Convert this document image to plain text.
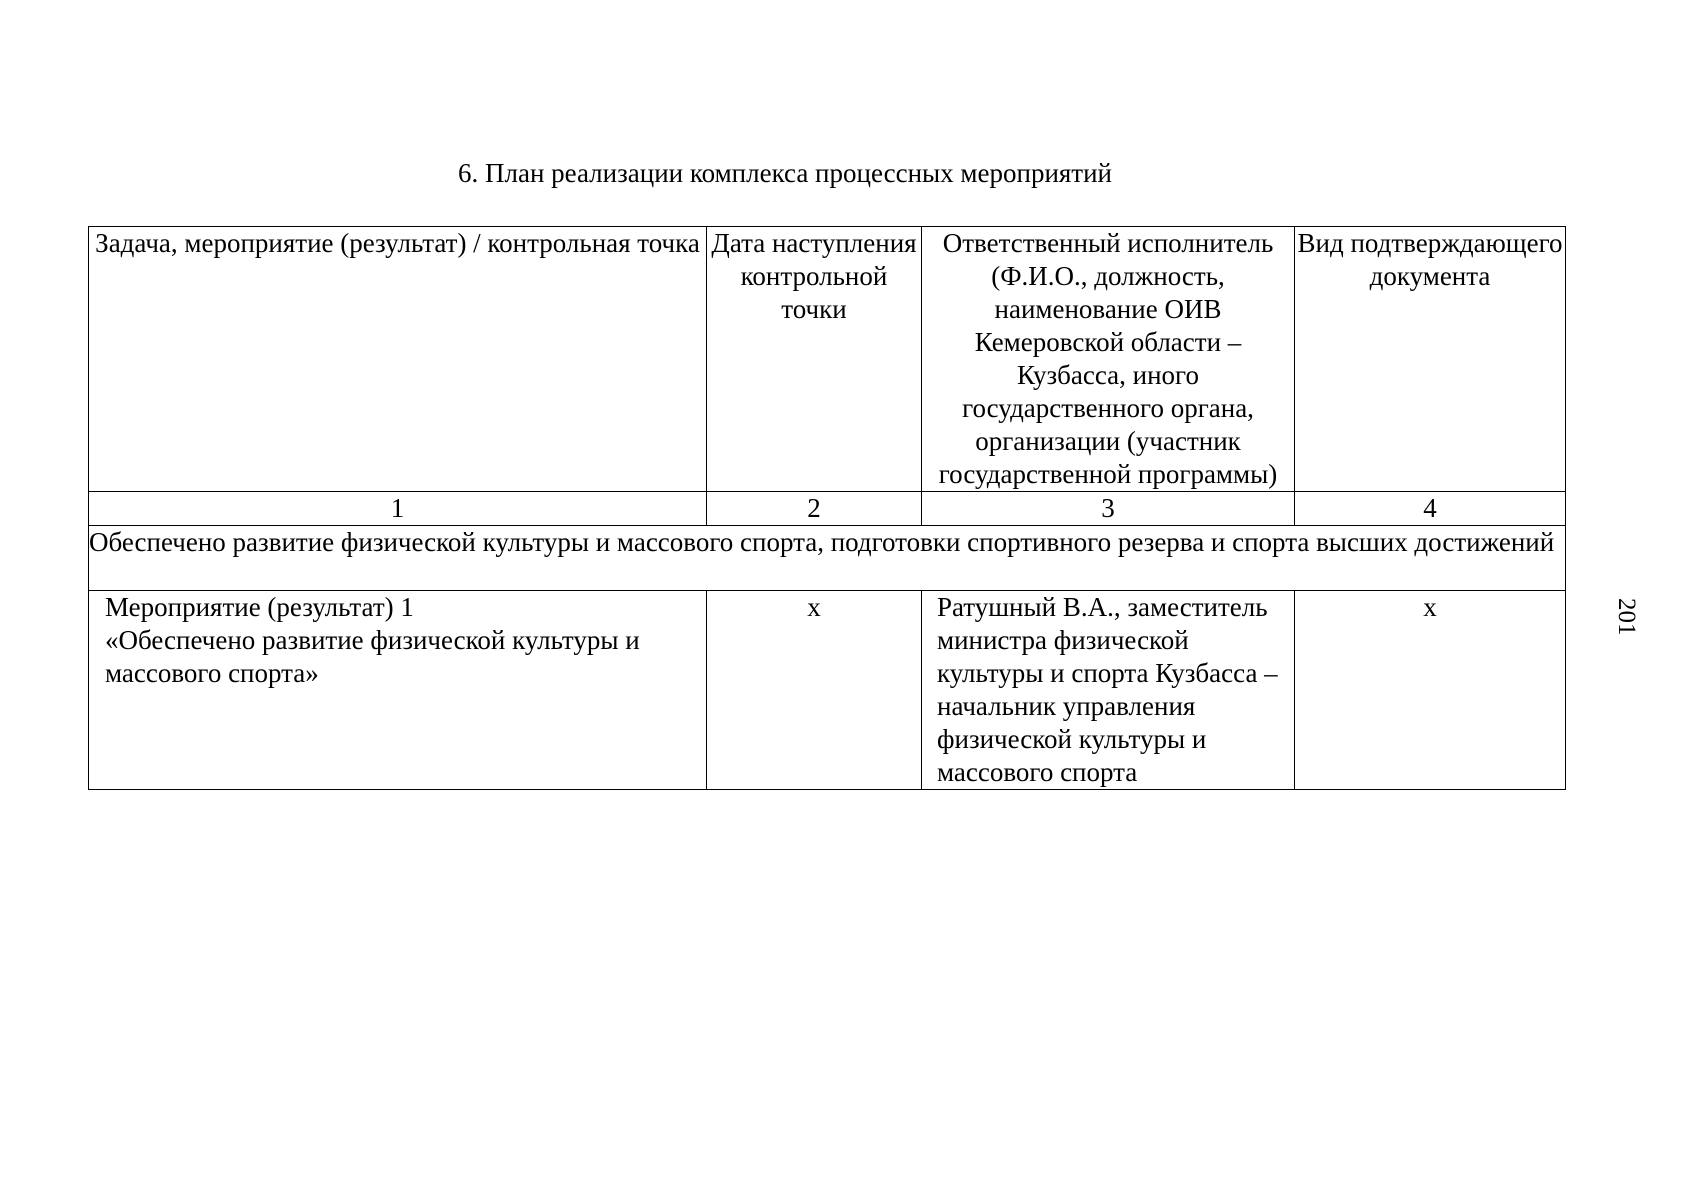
6. План реализации комплекса процессных мероприятий
Задача, мероприятие (результат) / контрольная точка	Дата наступления контрольной точки	Ответственный исполнитель (Ф.И.О., должность, наименование ОИВ Кемеровской области – Кузбасса, иного государственного органа, организации (участник государственной программы)	Вид подтверждающего документа
1	2	3	4
Обеспечено развитие физической культуры и массового спорта, подготовки спортивного резерва и спорта высших достижений			

Мероприятие (результат) 1
«Обеспечено развитие физической культуры и массового спорта»	x	Ратушный В.А., заместитель министра физической культуры и спорта Кузбасса – начальник управления физической культуры и массового спорта	x	201
